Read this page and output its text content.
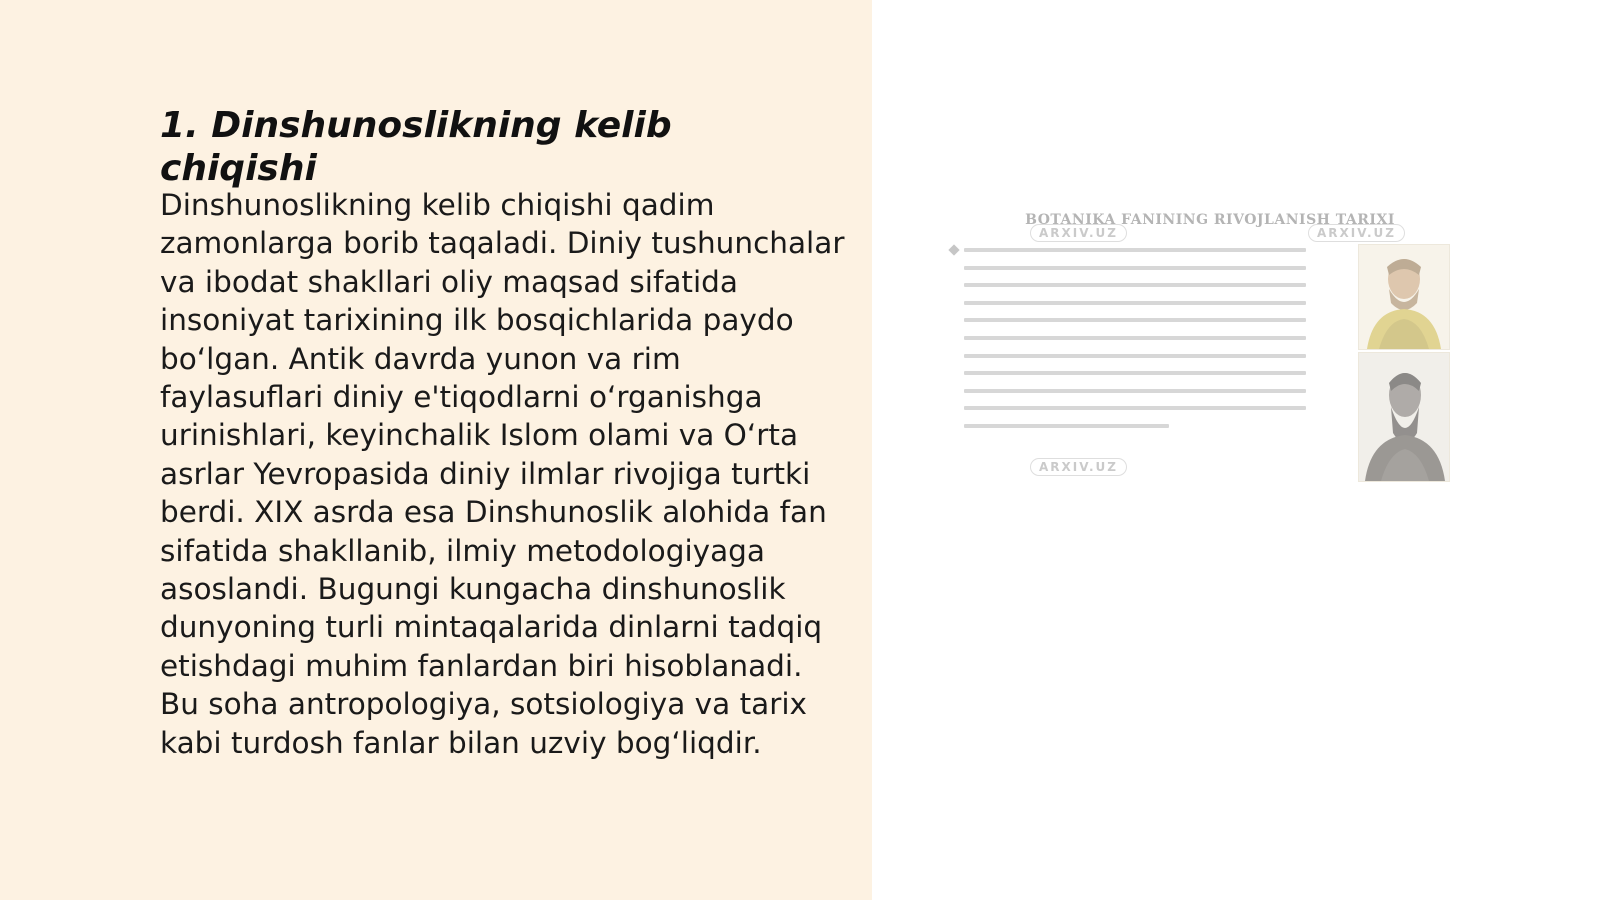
1. Dinshunoslikning kelib chiqishi

Dinshunoslikning kelib chiqishi qadim zamonlarga borib taqaladi. Diniy tushunchalar va ibodat shakllari oliy maqsad sifatida insoniyat tarixining ilk bosqichlarida paydo bo‘lgan. Antik davrda yunon va rim faylasuflari diniy e'tiqodlarni o‘rganishga urinishlari, keyinchalik Islom olami va O‘rta asrlar Yevropasida diniy ilmlar rivojiga turtki berdi. XIX asrda esa Dinshunoslik alohida fan sifatida shakllanib, ilmiy metodologiyaga asoslandi. Bugungi kungacha dinshunoslik dunyoning turli mintaqalarida dinlarni tadqiq etishdagi muhim fanlardan biri hisoblanadi. Bu soha antropologiya, sotsiologiya va tarix kabi turdosh fanlar bilan uzviy bog‘liqdir.

BOTANIKA FANINING RIVOJLANISH TARIXI
ARXIV.UZ	ARXIV.UZ
ARXIV.UZ
